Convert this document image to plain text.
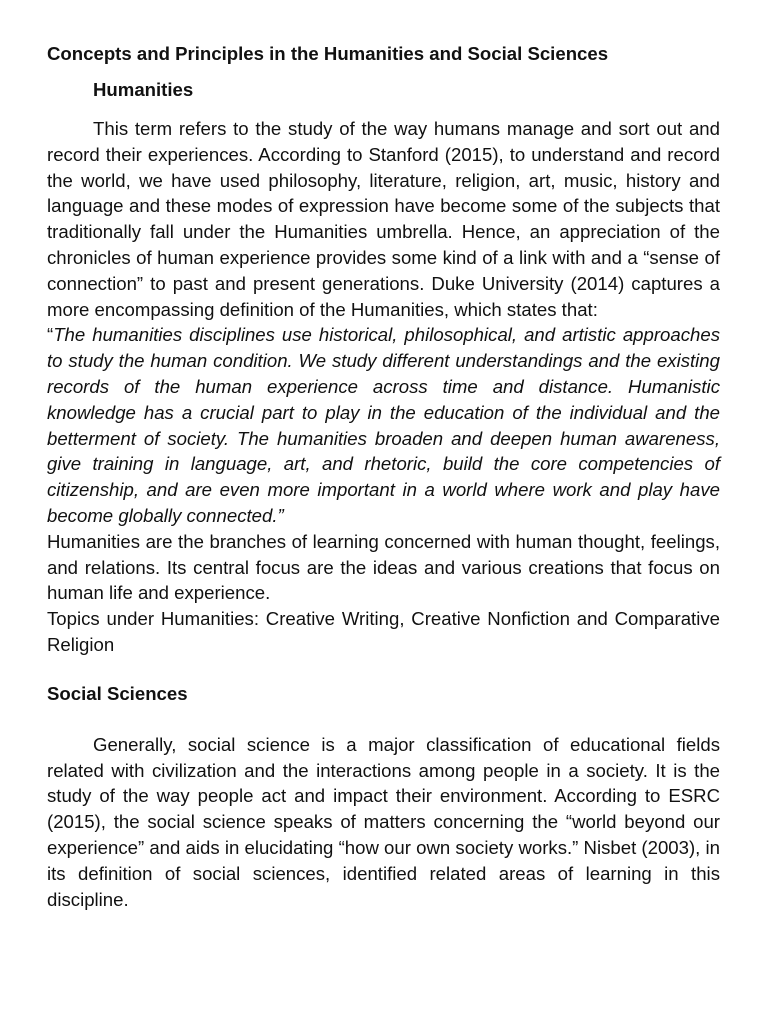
Concepts and Principles in the Humanities and Social Sciences
Humanities

This term refers to the study of the way humans manage and sort out and record their experiences. According to Stanford (2015), to understand and record the world, we have used philosophy, literature, religion, art, music, history and language and these modes of expression have become some of the subjects that traditionally fall under the Humanities umbrella. Hence, an appreciation of the chronicles of human experience provides some kind of a link with and a “sense of connection” to past and present generations. Duke University (2014) captures a more encompassing definition of the Humanities, which states that:

“The humanities disciplines use historical, philosophical, and artistic approaches to study the human condition. We study different understandings and the existing records of the human experience across time and distance. Humanistic knowledge has a crucial part to play in the education of the individual and the betterment of society. The humanities broaden and deepen human awareness, give training in language, art, and rhetoric, build the core competencies of citizenship, and are even more important in a world where work and play have become globally connected.”

Humanities are the branches of learning concerned with human thought, feelings, and relations. Its central focus are the ideas and various creations that focus on human life and experience.

Topics under Humanities: Creative Writing, Creative Nonfiction and Comparative Religion

Social Sciences

Generally, social science is a major classification of educational fields related with civilization and the interactions among people in a society. It is the study of the way people act and impact their environment. According to ESRC (2015), the social science speaks of matters concerning the “world beyond our experience” and aids in elucidating “how our own society works.” Nisbet (2003), in its definition of social sciences, identified related areas of learning in this discipline.
